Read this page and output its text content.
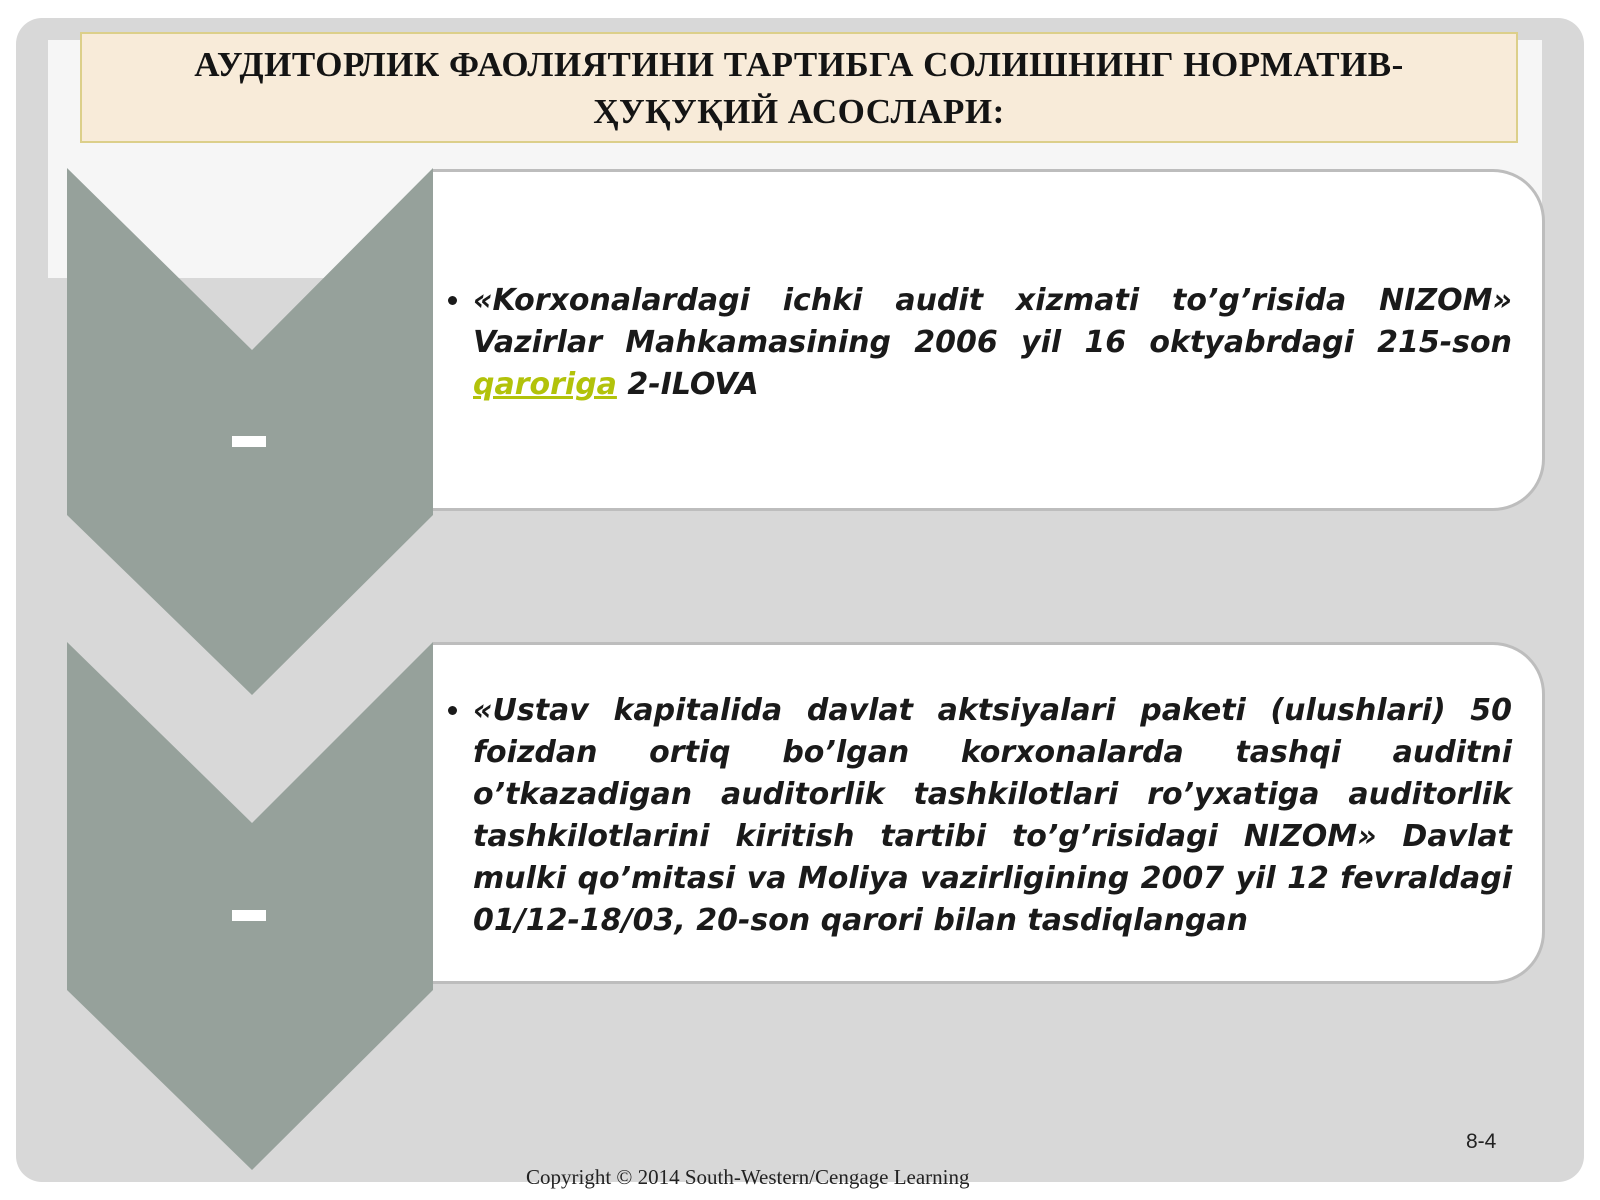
АУДИТОРЛИК ФАОЛИЯТИНИ ТАРТИБГА СОЛИШНИНГ НОРМАТИВ-ҲУҚУҚИЙ АСОСЛАРИ:
• «Korxonalardagi ichki audit xizmati to’g’risida NIZOM» Vazirlar Mahkamasining 2006 yil 16 oktyabrdagi 215-son qaroriga 2-ILOVA
• «Ustav kapitalida davlat aktsiyalari paketi (ulushlari) 50 foizdan ortiq bo’lgan korxonalarda tashqi auditni o’tkazadigan auditorlik tashkilotlari ro’yxatiga auditorlik tashkilotlarini kiritish tartibi to’g’risidagi NIZOM» Davlat mulki qo’mitasi va Moliya vazirligining 2007 yil 12 fevraldagi 01/12-18/03, 20-son qarori bilan tasdiqlangan
8-4
Copyright © 2014 South-Western/Cengage Learning
